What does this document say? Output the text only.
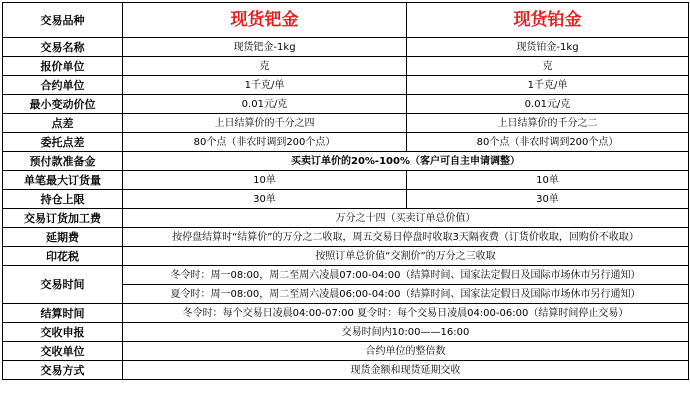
交易品种	现货钯金	现货铂金
交易名称	现货钯金-1kg	现货铂金-1kg
报价单位	克	克
合约单位	1千克/单	1千克/单
最小变动价位	0.01元/克	0.01元/克
点差	上日结算价的千分之四	上日结算价的千分之二
委托点差	80个点（非农时调到200个点）	80个点（非农时调到200个点）
预付款准备金	买卖订单价的20%-100%（客户可自主申请调整）	
单笔最大订货量	10单	10单
持仓上限	30单	30单
交易订货加工费	万分之十四（买卖订单总价值）	
延期费	按停盘结算时“结算价”的万分之二收取，周五交易日停盘时收取3天隔夜费（订货价收取，回购价不收取）	
印花税	按照订单总价值“交割价”的万分之三收取	
交易时间	冬令时：周一08:00，周二至周六凌晨07:00-04:00（结算时间、国家法定假日及国际市场休市另行通知）	
	夏令时：周一08:00，周二至周六凌晨06:00-04:00（结算时间、国家法定假日及国际市场休市另行通知）	
结算时间	冬令时：每个交易日凌晨04:00-07:00 夏令时：每个交易日凌晨04:00-06:00（结算时间停止交易）	
交收申报	交易时间内10:00——16:00	
交收单位	合约单位的整倍数	
交易方式	现货金额和现货延期交收	
